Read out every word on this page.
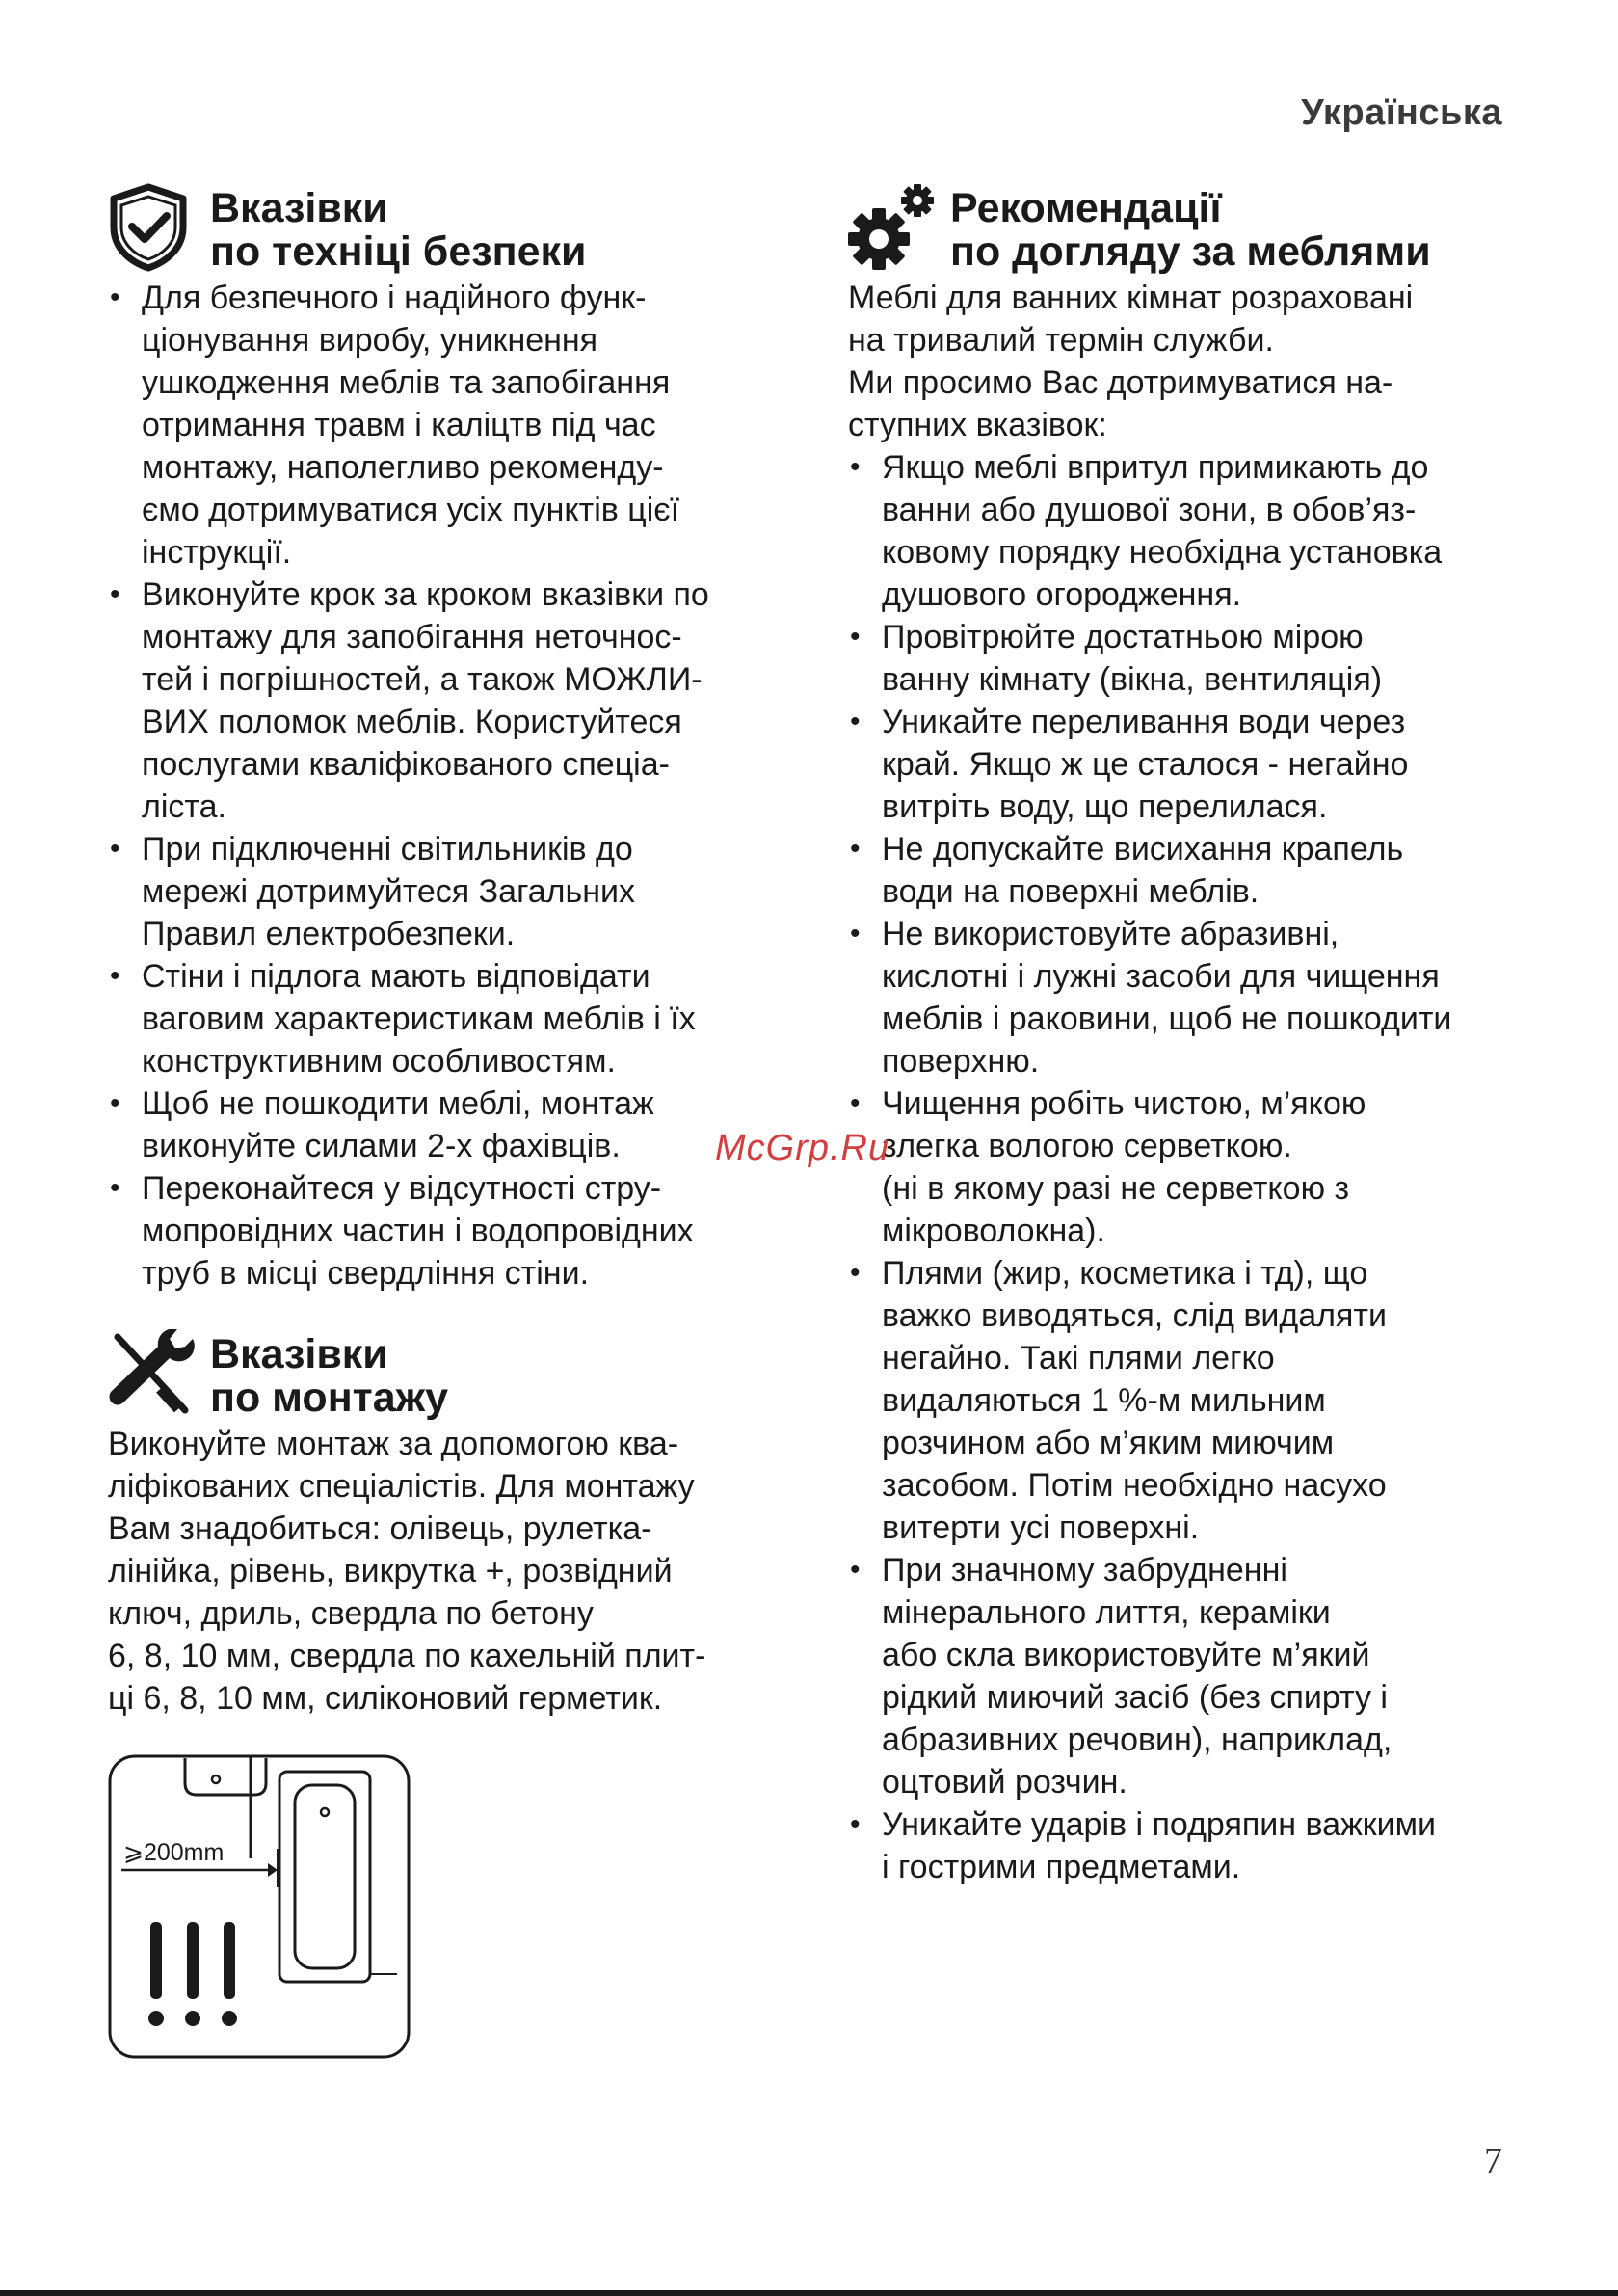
Українська
Вказівки
по техніці безпеки
• Для безпечного і надійного функ-
ціонування виробу, уникнення
ушкодження меблів та запобігання
отримання травм і каліцтв під час
монтажу, наполегливо рекоменду-
ємо дотримуватися усіх пунктів цієї
інструкції.
• Виконуйте крок за кроком вказівки по
монтажу для запобігання неточнос-
тей і погрішностей, а також МОЖЛИ-
ВИХ поломок меблів. Користуйтеся
послугами кваліфікованого спеціа-
ліста.
• При підключенні світильників до
мережі дотримуйтеся Загальних
Правил електробезпеки.
• Стіни і підлога мають відповідати
ваговим характеристикам меблів і їх
конструктивним особливостям.
• Щоб не пошкодити меблі, монтаж
виконуйте силами 2-х фахівців.
• Переконайтеся у відсутності стру-
мопровідних частин і водопровідних
труб в місці свердління стіни.
Вказівки
по монтажу

Виконуйте монтаж за допомогою ква-
ліфікованих спеціалістів. Для монтажу
Вам знадобиться: олівець, рулетка-
лінійка, рівень, викрутка +, розвідний
ключ, дриль, свердла по бетону
6, 8, 10 мм, свердла по кахельній плит-
ці 6, 8, 10 мм, силіконовий герметик.

⩾200mm
!!!
Рекомендації
по догляду за меблями

Меблі для ванних кімнат розраховані
на тривалий термін служби.

Ми просимо Вас дотримуватися на-
ступних вказівок:

• Якщо меблі впритул примикають до
ванни або душової зони, в обов’яз-
ковому порядку необхідна установка
душового огородження.
• Провітрюйте достатньою мірою
ванну кімнату (вікна, вентиляція)
• Уникайте переливання води через
край. Якщо ж це сталося - негайно
витріть воду, що перелилася.
• Не допускайте висихання крапель
води на поверхні меблів.
• Не використовуйте абразивні,
кислотні і лужні засоби для чищення
меблів і раковини, щоб не пошкодити
поверхню.
• Чищення робіть чистою, м’якою
злегка вологою серветкою.
(ні в якому разі не серветкою з
мікроволокна).
• Плями (жир, косметика і тд), що
важко виводяться, слід видаляти
негайно. Такі плями легко
видаляються 1 %-м мильним
розчином або м’яким миючим
засобом. Потім необхідно насухо
витерти усі поверхні.
• При значному забрудненні
мінерального лиття, кераміки
або скла використовуйте м’який
рідкий миючий засіб (без спирту і
абразивних речовин), наприклад,
оцтовий розчин.
• Уникайте ударів і подряпин важкими
і гострими предметами.
McGrp.Ru
7
